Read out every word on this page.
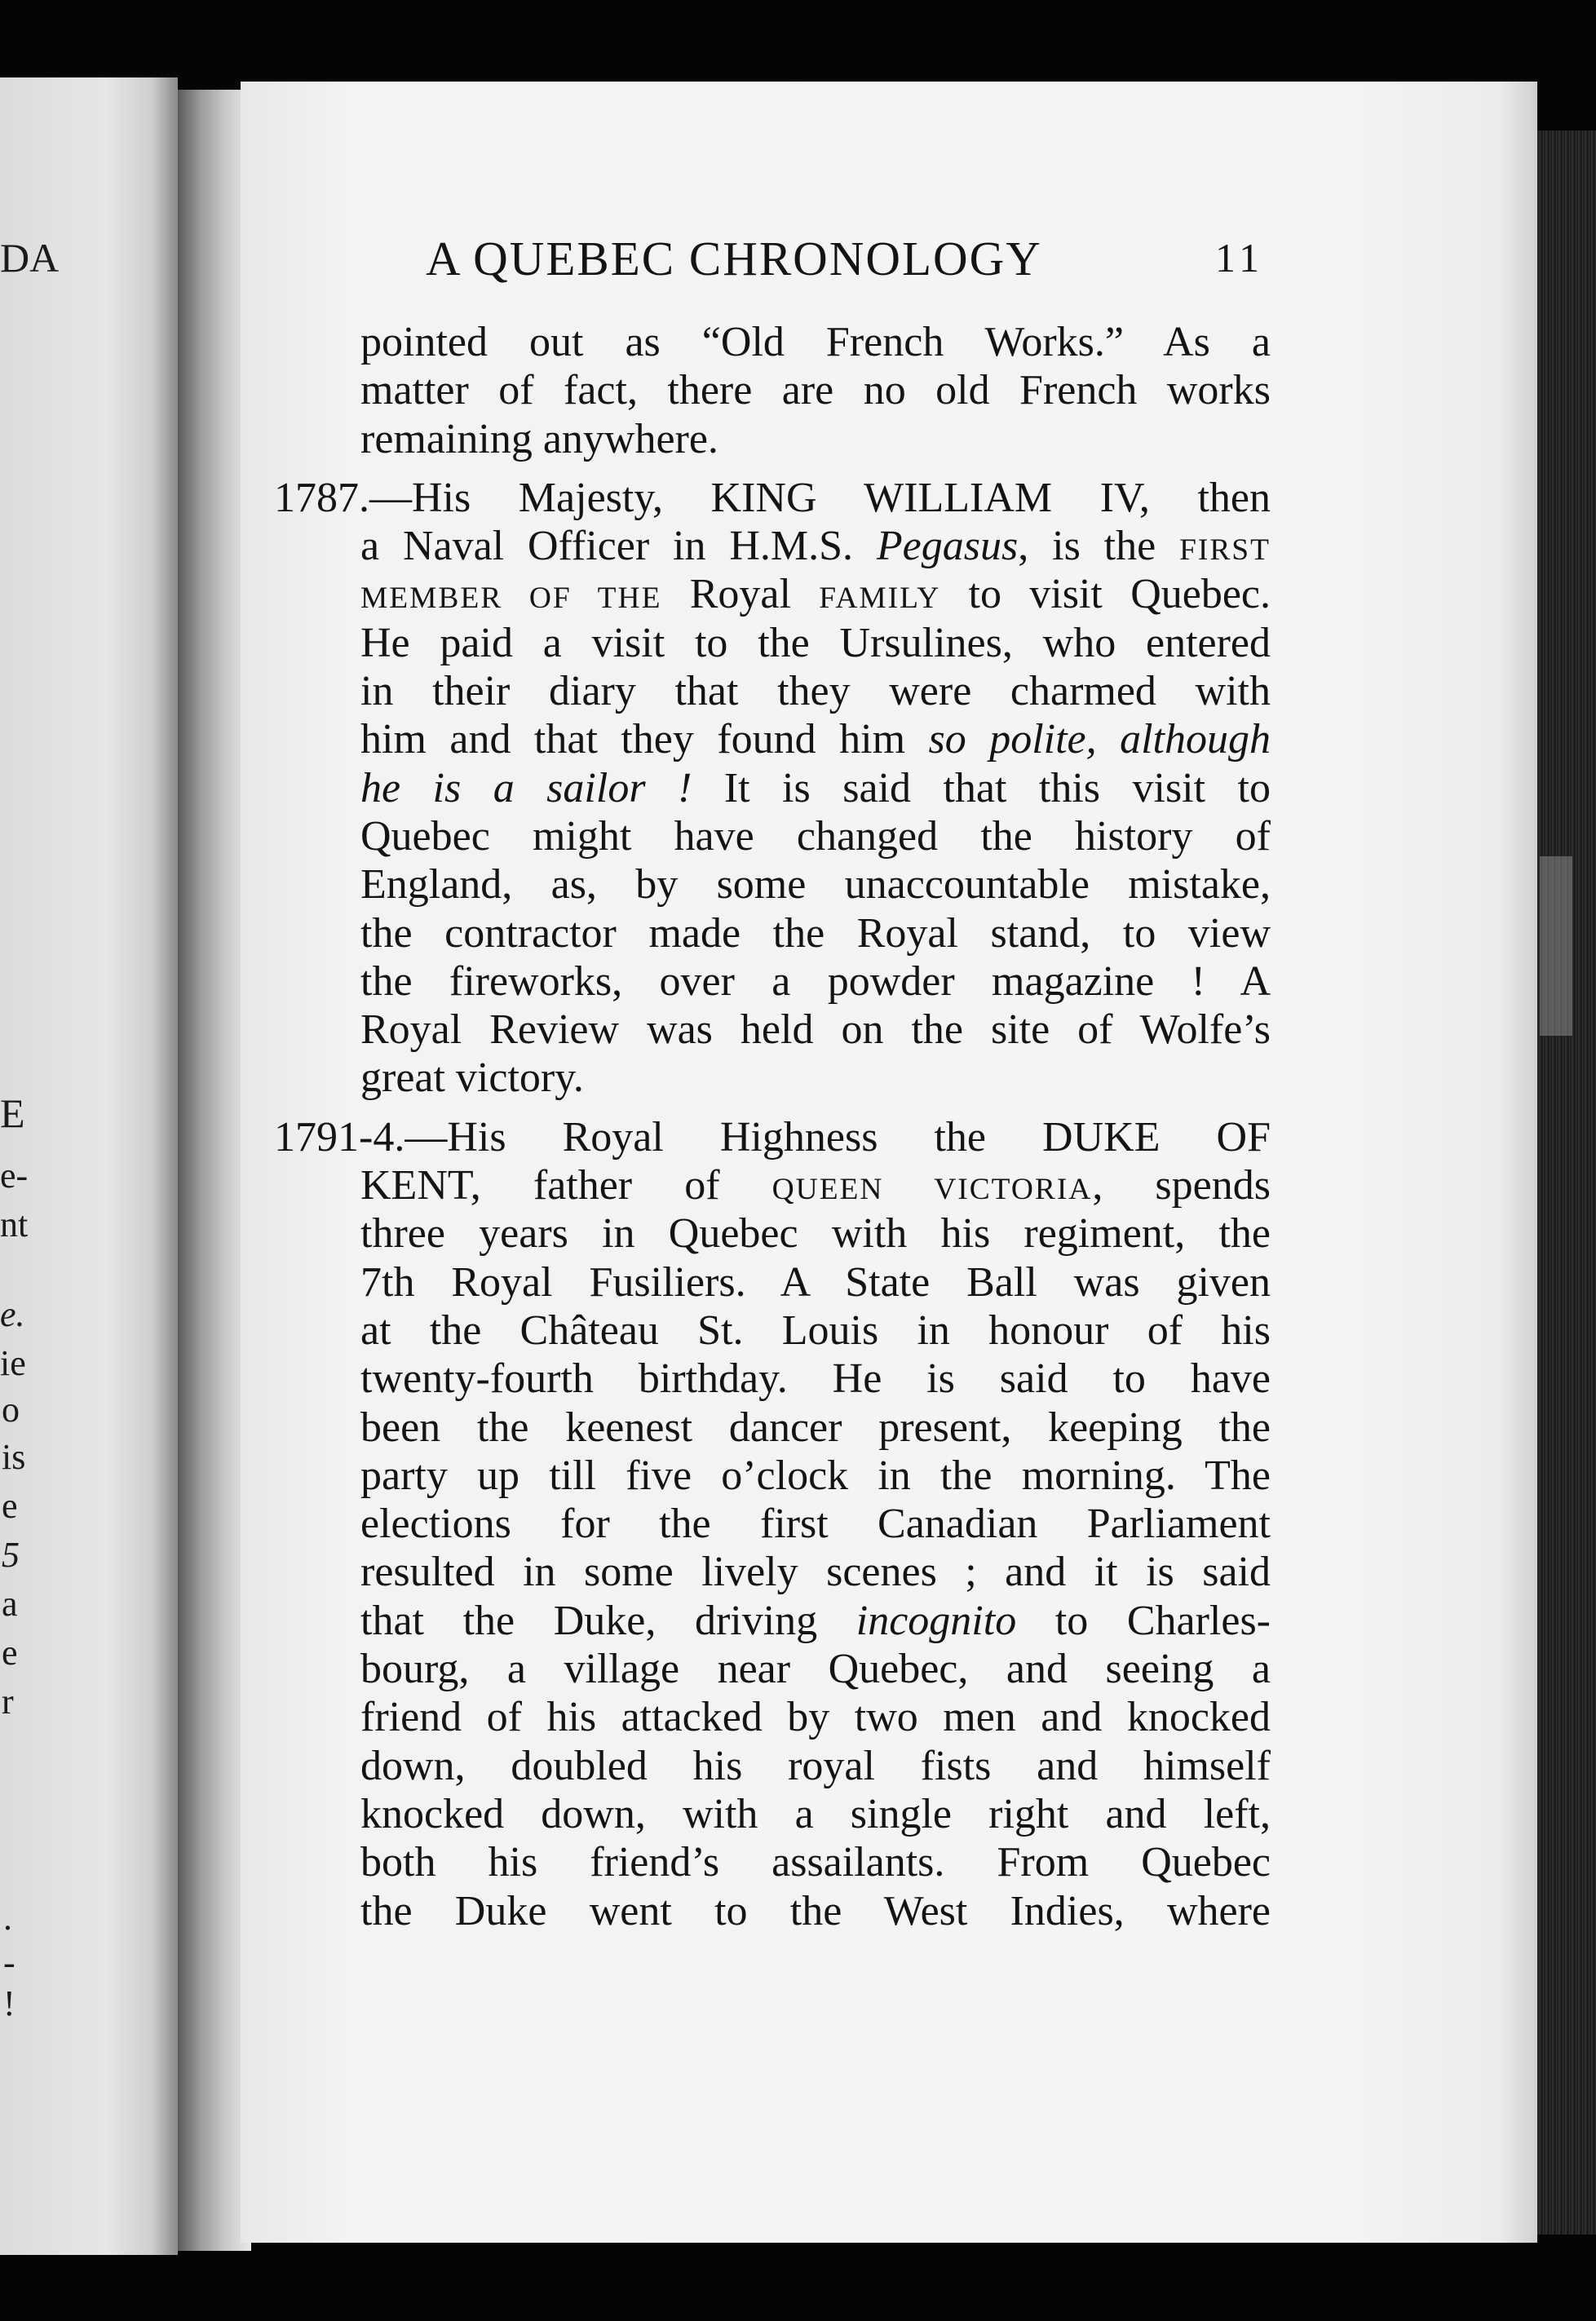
DA
E
e-
nt
e.
ie
o
is
e
5
a
e
r
.
-
!
A QUEBEC CHRONOLOGY	11
pointed out as “Old French Works.” As a
matter of fact, there are no old French works
remaining anywhere.
1787.—His Majesty, KING WILLIAM IV, then
a Naval Officer in H.M.S. Pegasus, is the FIRST
MEMBER OF THE Royal FAMILY to visit Quebec.
He paid a visit to the Ursulines, who entered
in their diary that they were charmed with
him and that they found him so polite, although
he is a sailor ! It is said that this visit to
Quebec might have changed the history of
England, as, by some unaccountable mistake,
the contractor made the Royal stand, to view
the fireworks, over a powder magazine ! A
Royal Review was held on the site of Wolfe’s
great victory.
1791-4.—His Royal Highness the DUKE OF
KENT, father of QUEEN VICTORIA, spends
three years in Quebec with his regiment, the
7th Royal Fusiliers. A State Ball was given
at the Château St. Louis in honour of his
twenty-fourth birthday. He is said to have
been the keenest dancer present, keeping the
party up till five o’clock in the morning. The
elections for the first Canadian Parliament
resulted in some lively scenes ; and it is said
that the Duke, driving incognito to Charles-
bourg, a village near Quebec, and seeing a
friend of his attacked by two men and knocked
down, doubled his royal fists and himself
knocked down, with a single right and left,
both his friend’s assailants. From Quebec
the Duke went to the West Indies, where
